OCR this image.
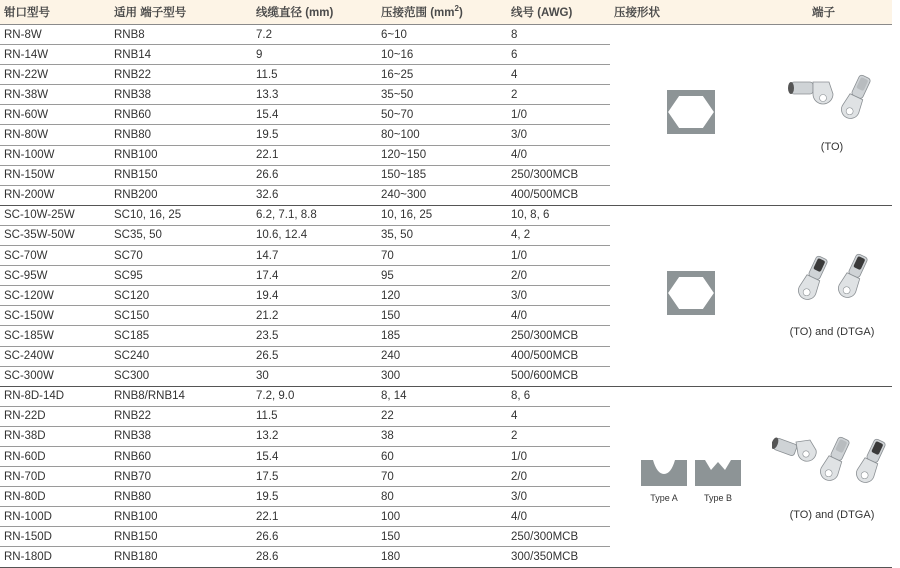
钳口型号	适用 端子型号	线缆直径 (mm)	压接范围 $(mm^2)$	线号 (AWG)	压接形状	端子
RN-8W	RNB8	7.2	6~10	8		(TO)

RN-14W	RNB14	9	10~16	6		
RN-22W	RNB22	11.5	16~25	4		
RN-38W	RNB38	13.3	35~50	2		
RN-60W	RNB60	15.4	50~70	1/0		
RN-80W	RNB80	19.5	80~100	3/0		
RN-100W	RNB100	22.1	120~150	4/0		
RN-150W	RNB150	26.6	150~185	250/300MCB		
RN-200W	RNB200	32.6	240~300	400/500MCB		
SC-10W-25W	SC10, 16, 25	6.2, 7.1, 8.8	10, 16, 25	10, 8, 6		(TO) and (DTGA)

SC-35W-50W	SC35, 50	10.6, 12.4	35, 50	4, 2		
SC-70W	SC70	14.7	70	1/0		
SC-95W	SC95	17.4	95	2/0		
SC-120W	SC120	19.4	120	3/0		
SC-150W	SC150	21.2	150	4/0		
SC-185W	SC185	23.5	185	250/300MCB		
SC-240W	SC240	26.5	240	400/500MCB		
SC-300W	SC300	30	300	500/600MCB		
RN-8D-14D	RNB8/RNB14	7.2, 9.0	8, 14	8, 6	Type A Type B	(TO) and (DTGA)

RN-22D	RNB22	11.5	22	4		
RN-38D	RNB38	13.2	38	2		
RN-60D	RNB60	15.4	60	1/0		
RN-70D	RNB70	17.5	70	2/0		
RN-80D	RNB80	19.5	80	3/0		
RN-100D	RNB100	22.1	100	4/0		
RN-150D	RNB150	26.6	150	250/300MCB		
RN-180D	RNB180	28.6	180	300/350MCB		
